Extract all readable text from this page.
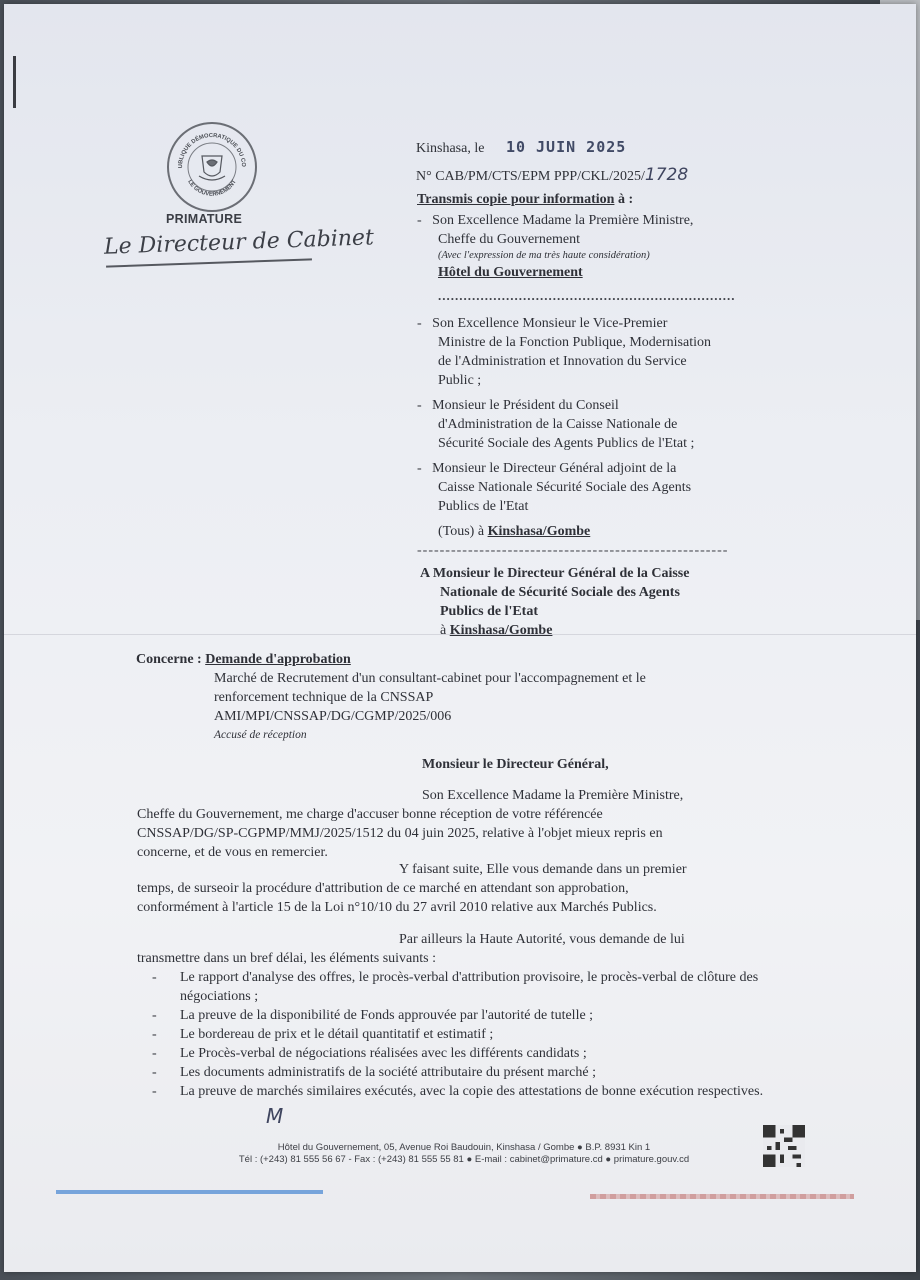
UBLIQUE DÉMOCRATIQUE DU CO
LE GOUVERNEMENT
PRIMATURE
Le Directeur de Cabinet
Kinshasa, le 10 JUIN 2025
N° CAB/PM/CTS/EPM PPP/CKL/2025/1728
Transmis copie pour information à :
-   Son Excellence Madame la Première Ministre,
Cheffe du Gouvernement
(Avec l'expression de ma très haute considération)
Hôtel du Gouvernement
......................................................................
-   Son Excellence Monsieur le Vice-Premier
Ministre de la Fonction Publique, Modernisation
de l'Administration et Innovation du Service
Public ;
-   Monsieur le Président du Conseil
d'Administration de la Caisse Nationale de
Sécurité Sociale des Agents Publics de l'Etat ;
-   Monsieur le Directeur Général adjoint de la
Caisse Nationale Sécurité Sociale des Agents
Publics de l'Etat
(Tous) à Kinshasa/Gombe
-------------------------------------------------------
A Monsieur le Directeur Général de la Caisse
Nationale de Sécurité Sociale des Agents
Publics de l'Etat
à Kinshasa/Gombe
Concerne : Demande d'approbation
Marché de Recrutement d'un consultant-cabinet pour l'accompagnement et le
renforcement technique de la CNSSAP
AMI/MPI/CNSSAP/DG/CGMP/2025/006
Accusé de réception
Monsieur le Directeur Général,
Son Excellence Madame la Première Ministre,
Cheffe du Gouvernement, me charge d'accuser bonne réception de votre référencée
CNSSAP/DG/SP-CGPMP/MMJ/2025/1512 du 04 juin 2025, relative à l'objet mieux repris en
concerne, et de vous en remercier.
Y faisant suite, Elle vous demande dans un premier
temps, de surseoir la procédure d'attribution de ce marché en attendant son approbation,
conformément à l'article 15 de la Loi n°10/10 du 27 avril 2010 relative aux Marchés Publics.
Par ailleurs la Haute Autorité, vous demande de lui
transmettre dans un bref délai, les éléments suivants :
-	Le rapport d'analyse des offres, le procès-verbal d'attribution provisoire, le procès-verbal de clôture des négociations ;
-	La preuve de la disponibilité de Fonds approuvée par l'autorité de tutelle ;
-	Le bordereau de prix et le détail quantitatif et estimatif ;
-	Le Procès-verbal de négociations réalisées avec les différents candidats ;
-	Les documents administratifs de la société attributaire du présent marché ;
-	La preuve de marchés similaires exécutés, avec la copie des attestations de bonne exécution respectives.
M
Hôtel du Gouvernement, 05, Avenue Roi Baudouin, Kinshasa / Gombe ● B.P. 8931 Kin 1
Tél : (+243) 81 555 56 67 - Fax : (+243) 81 555 55 81 ● E-mail : cabinet@primature.cd ● primature.gouv.cd
